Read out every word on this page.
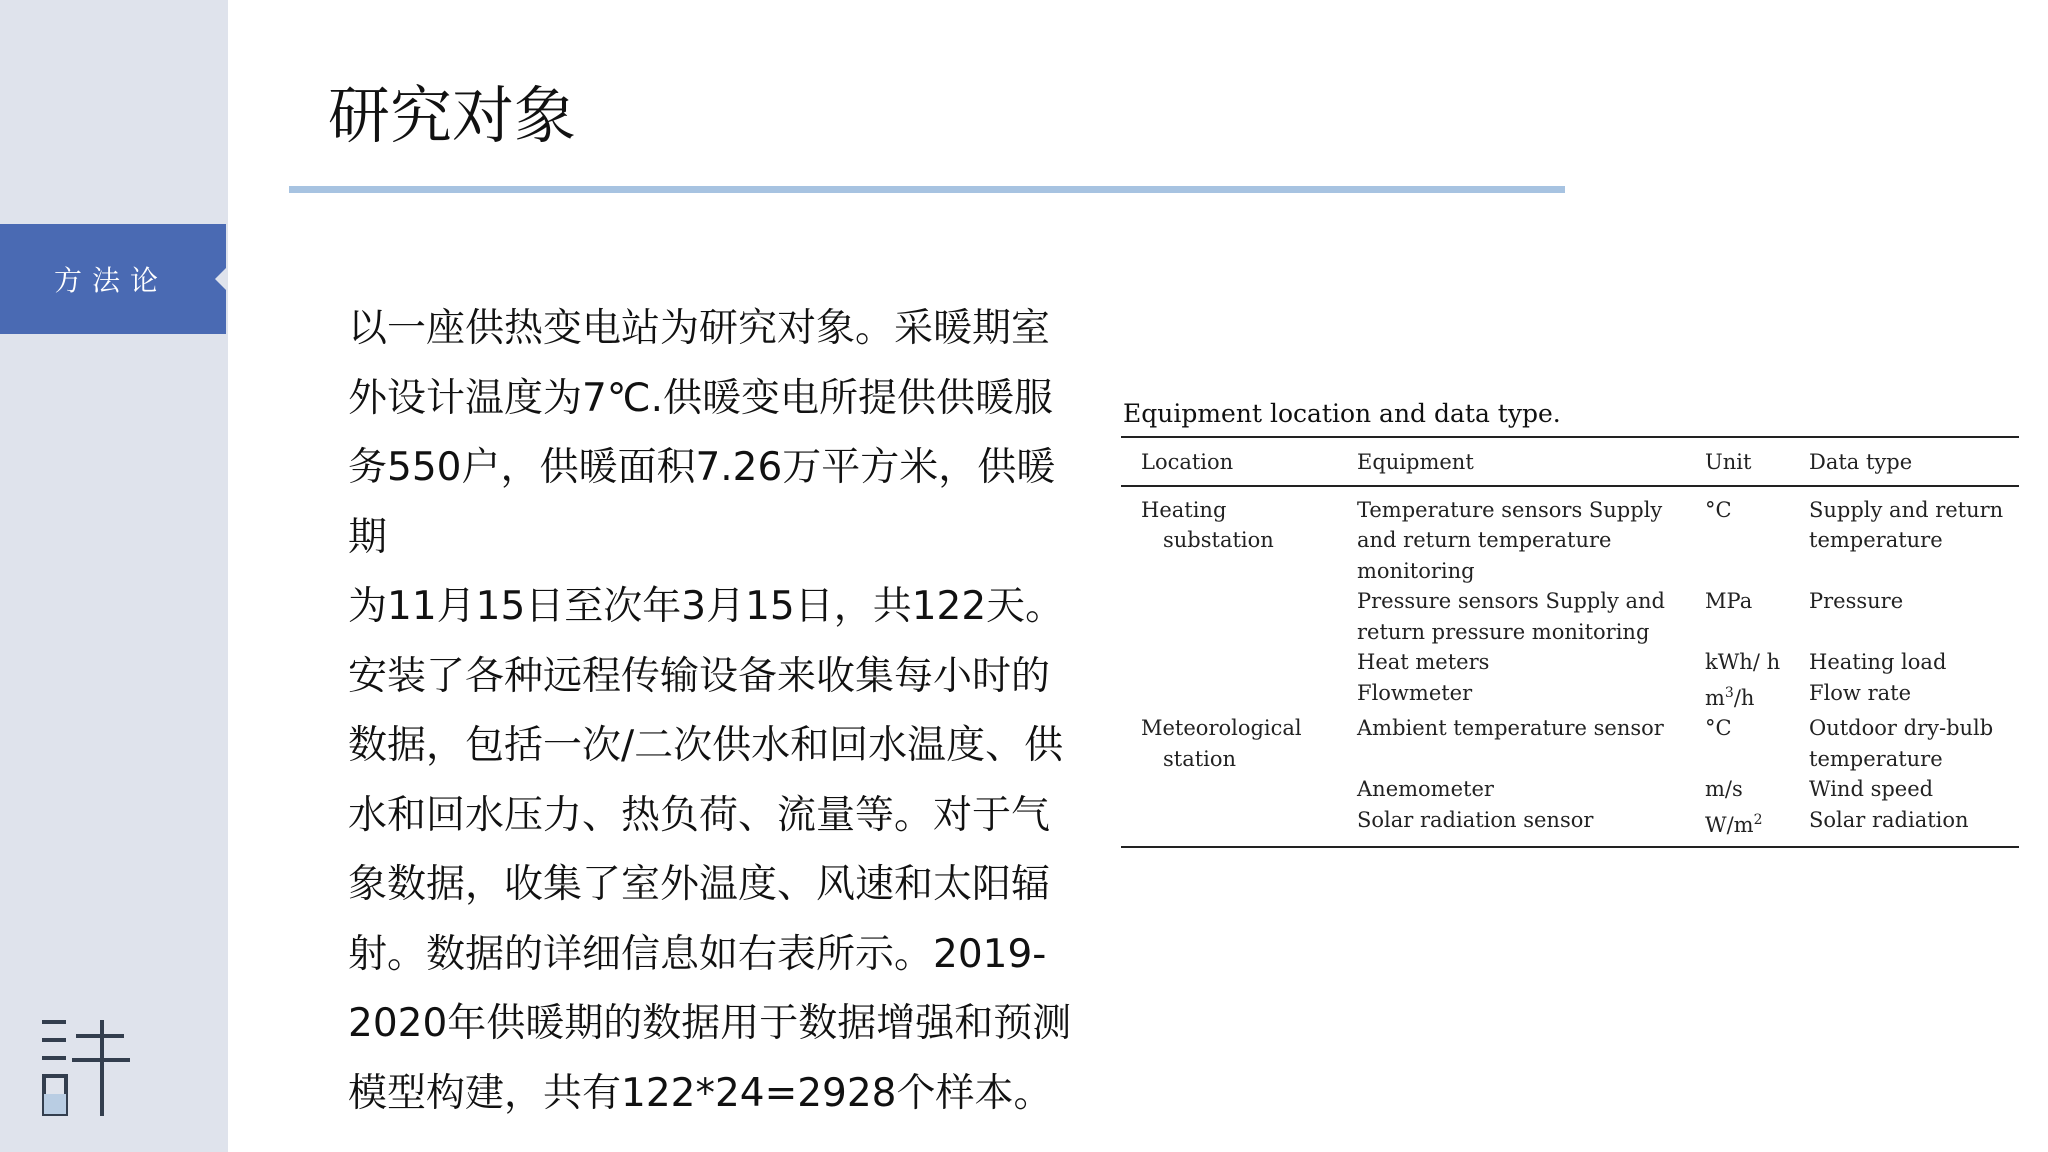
方法论
研究对象

以一座供热变电站为研究对象。采暖期室
外设计温度为7℃.供暖变电所提供供暖服
务550户，供暖面积7.26万平方米，供暖期
为11月15日至次年3月15日，共122天。
安装了各种远程传输设备来收集每小时的
数据，包括一次/二次供水和回水温度、供
水和回水压力、热负荷、流量等。对于气
象数据，收集了室外温度、风速和太阳辐
射。数据的详细信息如右表所示。2019-
2020年供暖期的数据用于数据增强和预测
模型构建，共有122*24=2928个样本。

Equipment location and data type.
Location	Equipment	Unit	Data type

Heating
substation	Temperature sensors Supply and return temperature monitoring	°C	Supply and return temperature
	Pressure sensors Supply and return pressure monitoring	MPa	Pressure
	Heat meters	kWh/ h	Heating load
	Flowmeter	$m^3/h$	Flow rate

Meteorological
station	Ambient temperature sensor	°C	Outdoor dry-bulb temperature
	Anemometer	m/s	Wind speed
	Solar radiation sensor	$W/m^2$	Solar radiation
